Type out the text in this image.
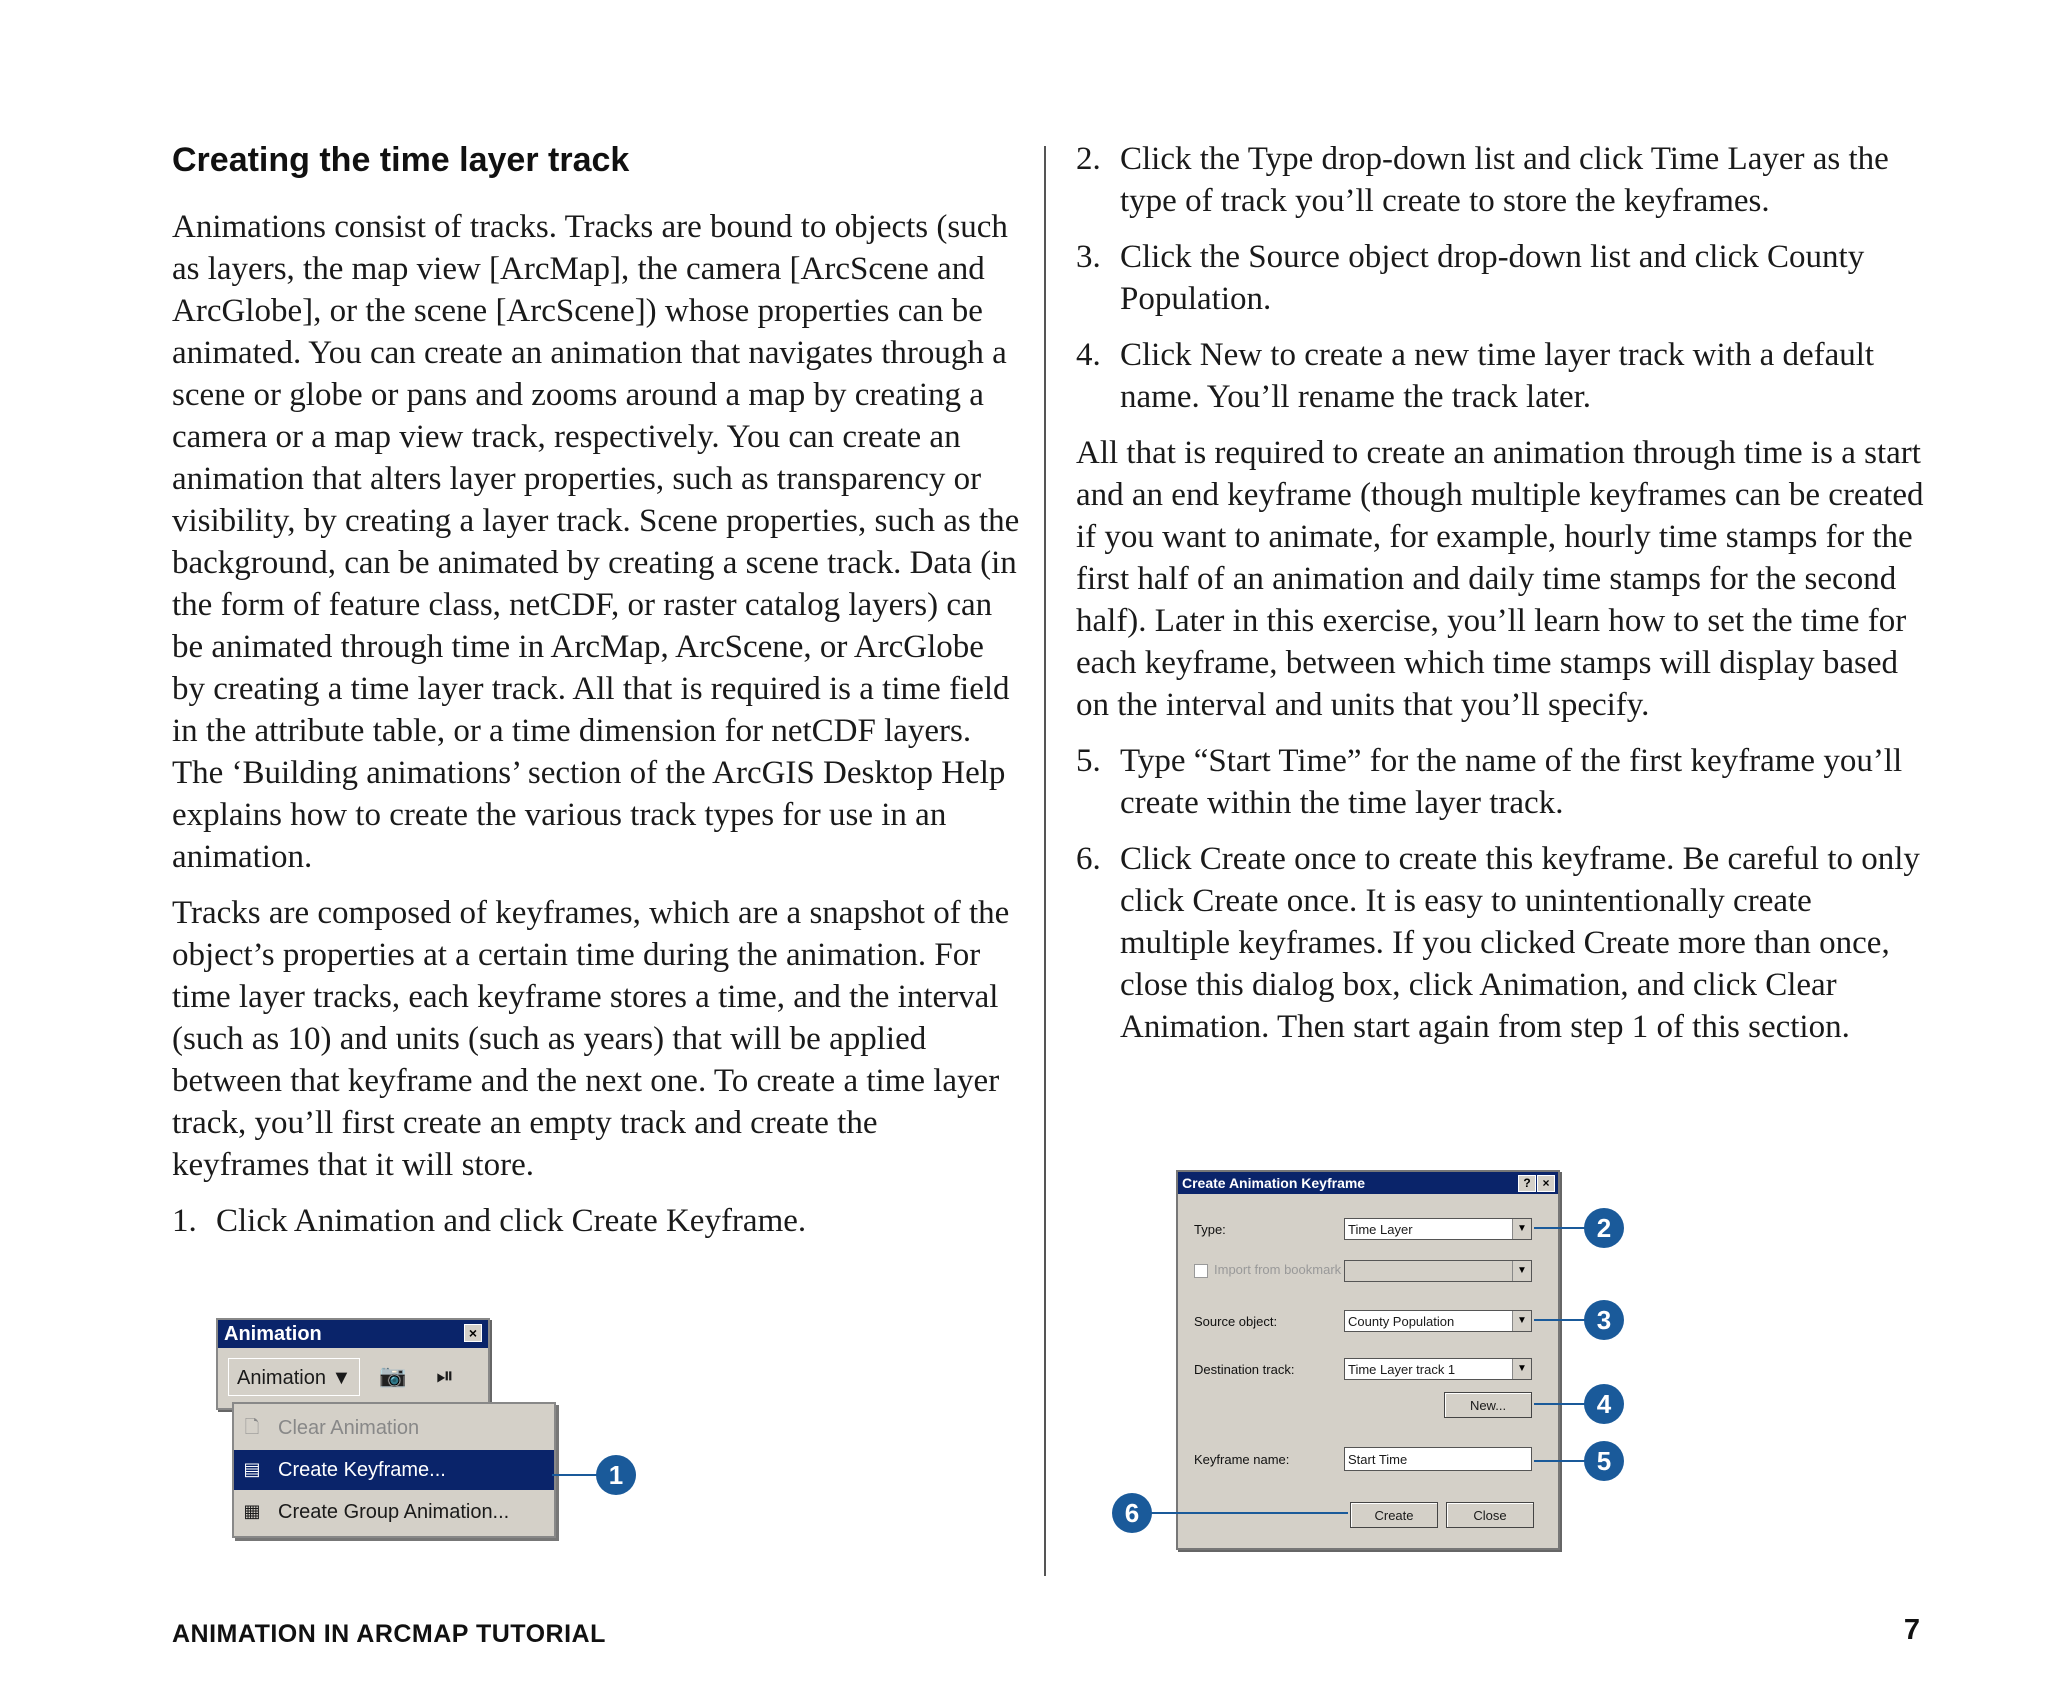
Creating the time layer track

Animations consist of tracks. Tracks are bound to objects (such as layers, the map view [ArcMap], the camera [ArcScene and ArcGlobe], or the scene [ArcScene]) whose properties can be animated. You can create an animation that navigates through a scene or globe or pans and zooms around a map by creating a camera or a map view track, respectively. You can create an animation that alters layer properties, such as transparency or visibility, by creating a layer track. Scene properties, such as the background, can be animated by creating a scene track. Data (in the form of feature class, netCDF, or raster catalog layers) can be animated through time in ArcMap, ArcScene, or ArcGlobe by creating a time layer track. All that is required is a time field in the attribute table, or a time dimension for netCDF layers. The ‘Building animations’ section of the ArcGIS Desktop Help explains how to create the various track types for use in an animation.

Tracks are composed of keyframes, which are a snapshot of the object’s properties at a certain time during the animation. For time layer tracks, each keyframe stores a time, and the interval (such as 10) and units (such as years) that will be applied between that keyframe and the next one. To create a time layer track, you’ll first create an empty track and create the keyframes that it will store.

1. Click Animation and click Create Keyframe.
2. Click the Type drop-down list and click Time Layer as the type of track you’ll create to store the keyframes.
3. Click the Source object drop-down list and click County Population.
4. Click New to create a new time layer track with a default name. You’ll rename the track later.

All that is required to create an animation through time is a start and an end keyframe (though multiple keyframes can be created if you want to animate, for example, hourly time stamps for the first half of an animation and daily time stamps for the second half). Later in this exercise, you’ll learn how to set the time for each keyframe, between which time stamps will display based on the interval and units that you’ll specify.

5. Type “Start Time” for the name of the first keyframe you’ll create within the time layer track.
6. Click Create once to create this keyframe. Be careful to only click Create once. It is easy to unintentionally create multiple keyframes. If you clicked Create more than once, close this dialog box, click Animation, and click Clear Animation. Then start again from step 1 of this section.
Animation	×
Animation ▼	📷	⏯
🗋 Clear Animation
▤ Create Keyframe...
▦ Create Group Animation...
1
Create Animation Keyframe	? ×
Type:	Time Layer	▼
Import from bookmark	▼
Source object:	County Population	▼
Destination track:	Time Layer track 1	▼
New...
Keyframe name:	Start Time
Create	Close
2
3
4
5
6
ANIMATION IN ARCMAP TUTORIAL	7
